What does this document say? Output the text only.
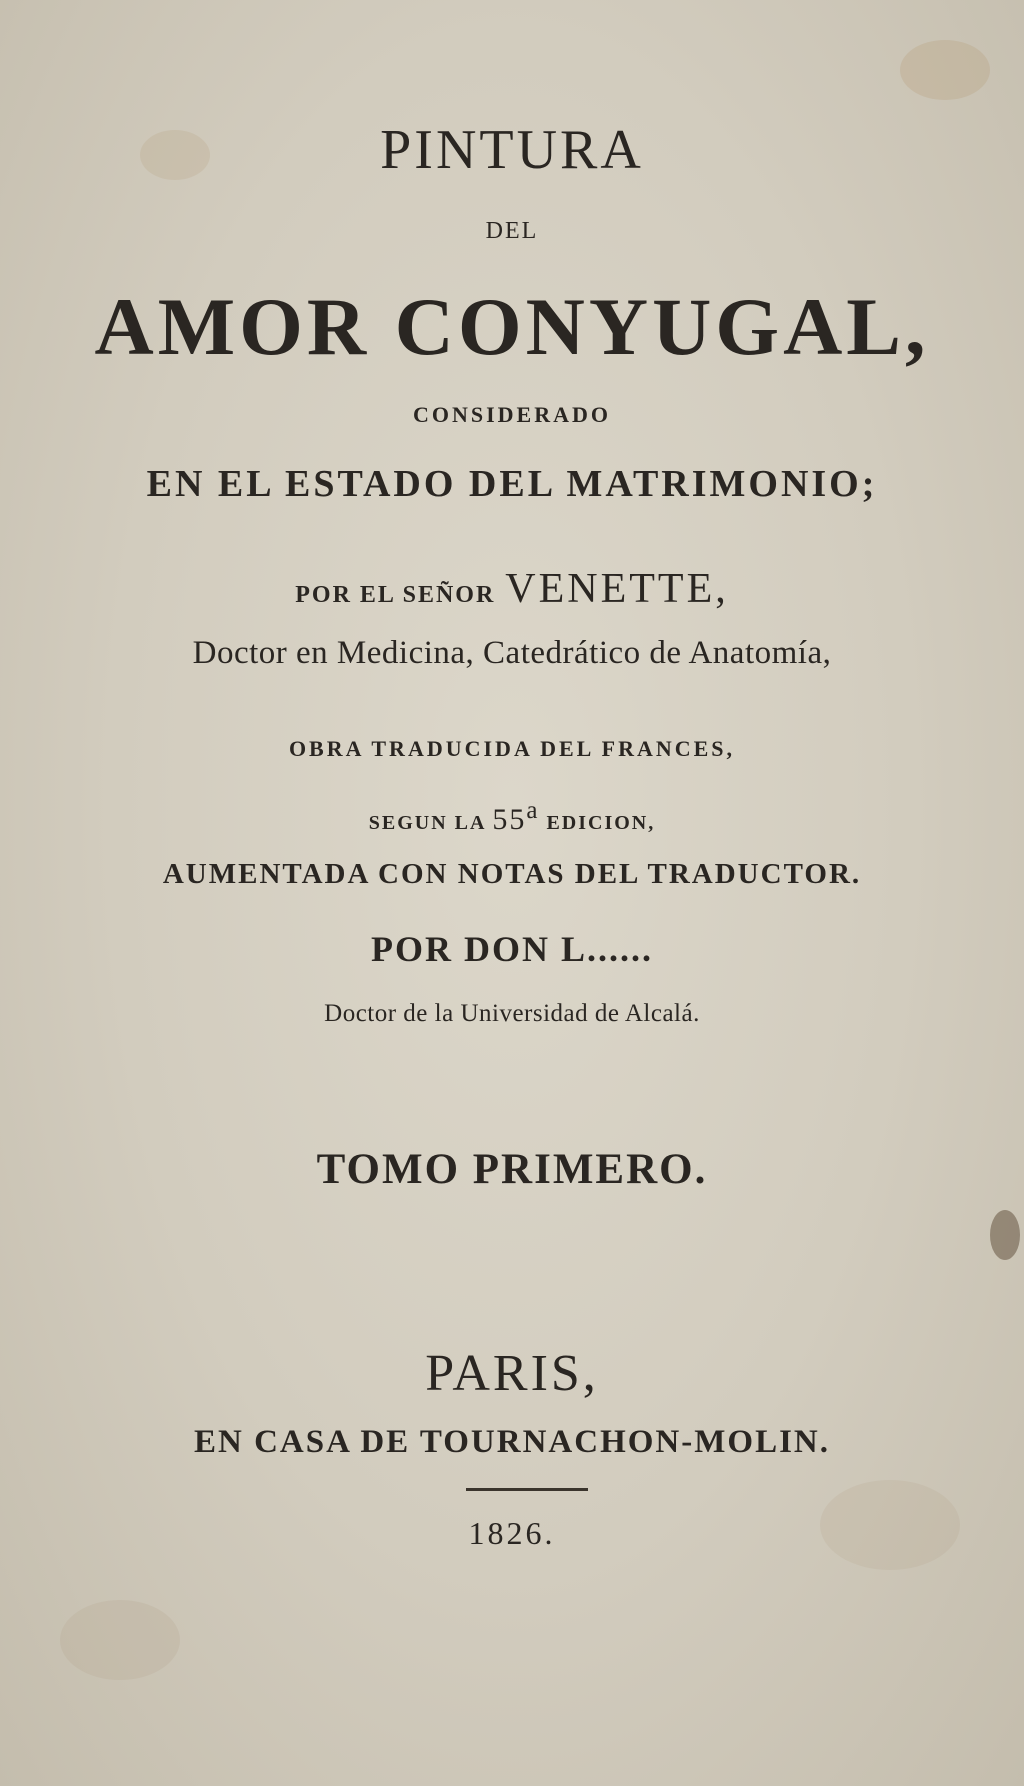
PINTURA
DEL
AMOR CONYUGAL,
CONSIDERADO
EN EL ESTADO DEL MATRIMONIO;
POR EL SEÑOR VENETTE,
Doctor en Medicina, Catedrático de Anatomía,
OBRA TRADUCIDA DEL FRANCES,
SEGUN LA 55$^a$ EDICION,
AUMENTADA CON NOTAS DEL TRADUCTOR.
POR DON L......
Doctor de la Universidad de Alcalá.
TOMO PRIMERO.
PARIS,
EN CASA DE TOURNACHON-MOLIN.
1826.
